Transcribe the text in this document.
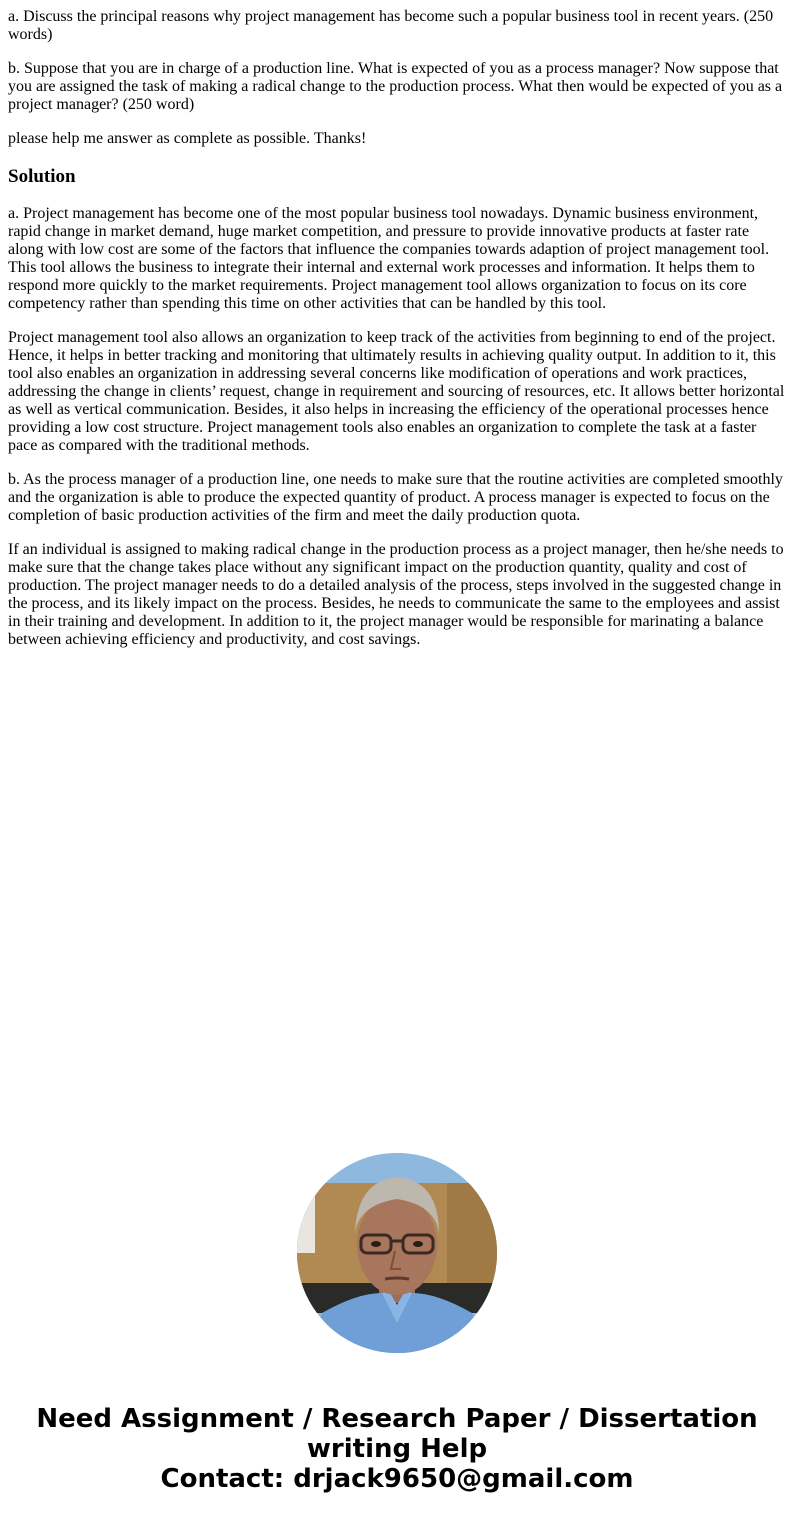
a. Discuss the principal reasons why project management has become such a popular business tool in recent years. (250 words)

b. Suppose that you are in charge of a production line. What is expected of you as a process manager? Now suppose that you are assigned the task of making a radical change to the production process. What then would be expected of you as a project manager? (250 word)

please help me answer as complete as possible. Thanks!

Solution

a. Project management has become one of the most popular business tool nowadays. Dynamic business environment, rapid change in market demand, huge market competition, and pressure to provide innovative products at faster rate along with low cost are some of the factors that influence the companies towards adaption of project management tool. This tool allows the business to integrate their internal and external work processes and information. It helps them to respond more quickly to the market requirements. Project management tool allows organization to focus on its core competency rather than spending this time on other activities that can be handled by this tool.

Project management tool also allows an organization to keep track of the activities from beginning to end of the project. Hence, it helps in better tracking and monitoring that ultimately results in achieving quality output. In addition to it, this tool also enables an organization in addressing several concerns like modification of operations and work practices, addressing the change in clients’ request, change in requirement and sourcing of resources, etc. It allows better horizontal as well as vertical communication. Besides, it also helps in increasing the efficiency of the operational processes hence providing a low cost structure. Project management tools also enables an organization to complete the task at a faster pace as compared with the traditional methods.

b. As the process manager of a production line, one needs to make sure that the routine activities are completed smoothly and the organization is able to produce the expected quantity of product. A process manager is expected to focus on the completion of basic production activities of the firm and meet the daily production quota.

If an individual is assigned to making radical change in the production process as a project manager, then he/she needs to make sure that the change takes place without any significant impact on the production quantity, quality and cost of production. The project manager needs to do a detailed analysis of the process, steps involved in the suggested change in the process, and its likely impact on the process. Besides, he needs to communicate the same to the employees and assist in their training and development. In addition to it, the project manager would be responsible for marinating a balance between achieving efficiency and productivity, and cost savings.

Need Assignment / Research Paper / Dissertation
writing Help
Contact: drjack9650@gmail.com
